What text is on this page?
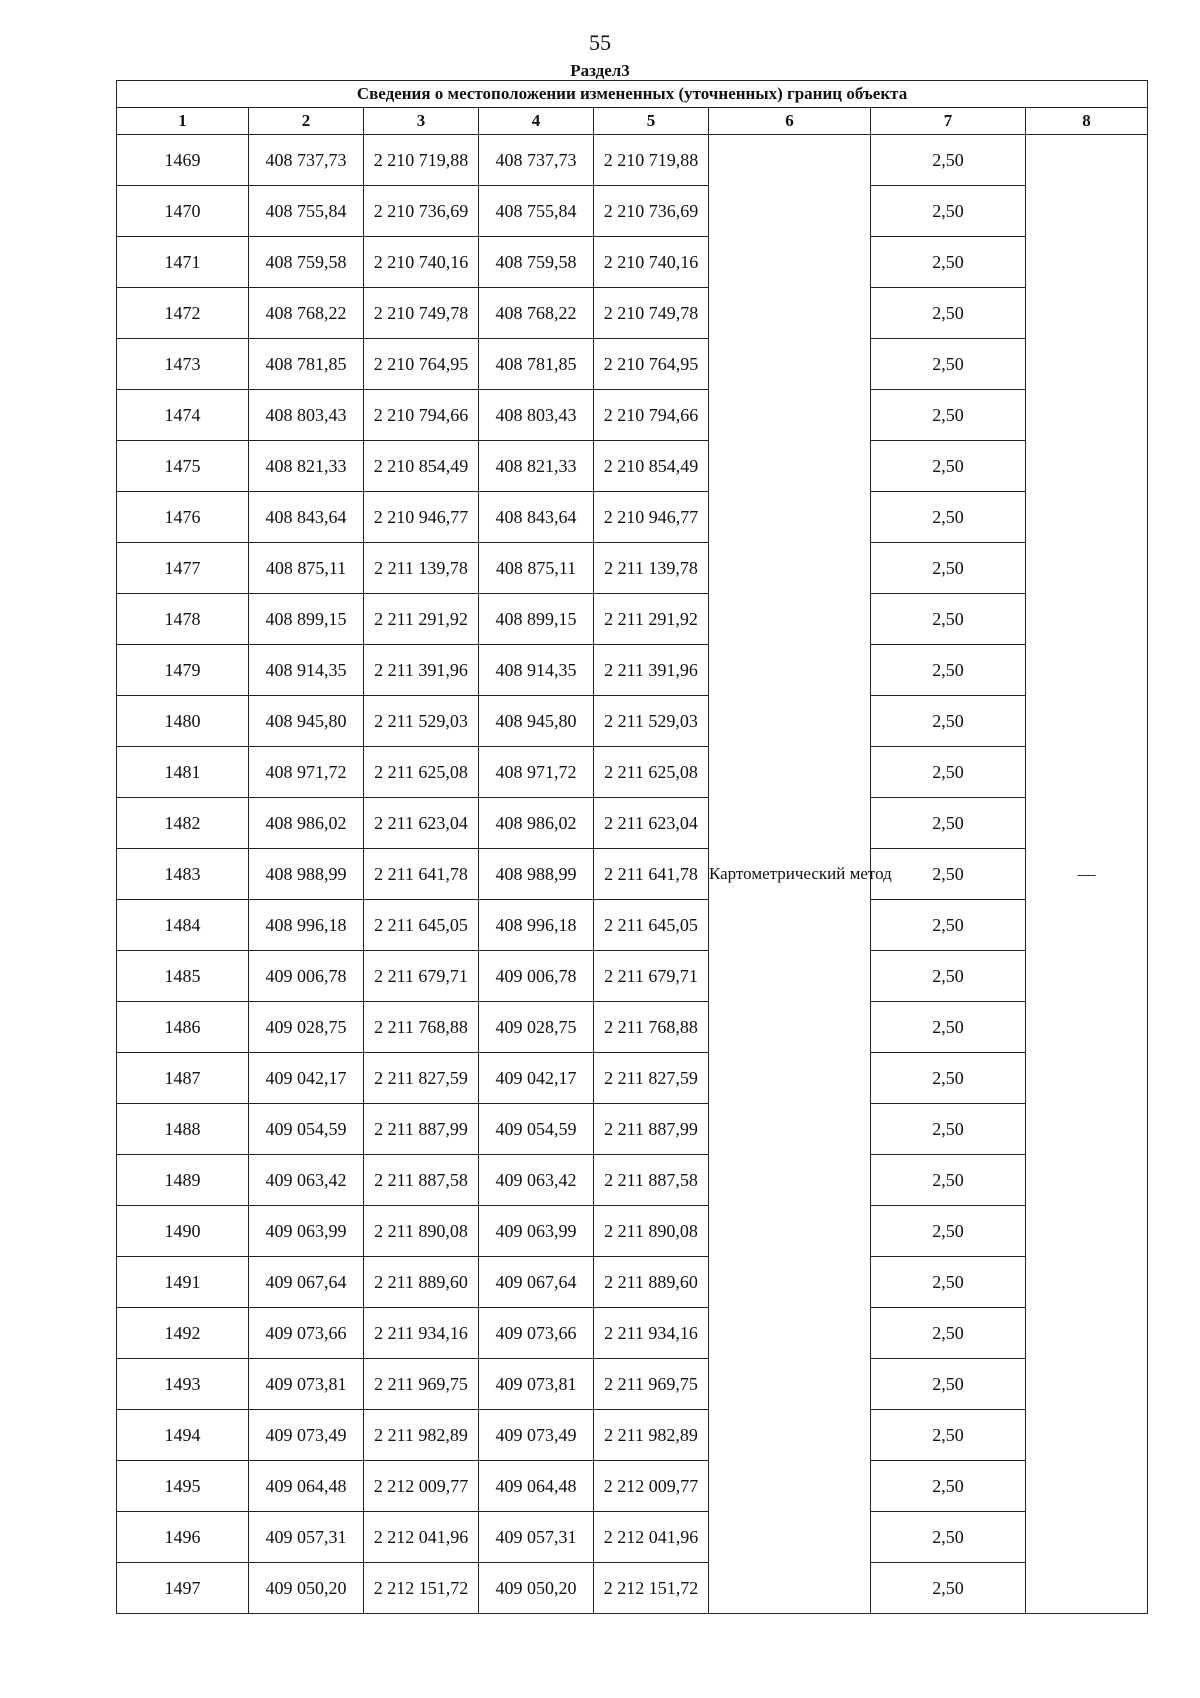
55
Раздел3
Сведения о местоположении измененных (уточненных) границ объекта							
1	2	3	4	5	6	7	8
1469	408 737,73	2 210 719,88	408 737,73	2 210 719,88	Картометрический метод	2,50	—
1470	408 755,84	2 210 736,69	408 755,84	2 210 736,69		2,50	
1471	408 759,58	2 210 740,16	408 759,58	2 210 740,16		2,50	
1472	408 768,22	2 210 749,78	408 768,22	2 210 749,78		2,50	
1473	408 781,85	2 210 764,95	408 781,85	2 210 764,95		2,50	
1474	408 803,43	2 210 794,66	408 803,43	2 210 794,66		2,50	
1475	408 821,33	2 210 854,49	408 821,33	2 210 854,49		2,50	
1476	408 843,64	2 210 946,77	408 843,64	2 210 946,77		2,50	
1477	408 875,11	2 211 139,78	408 875,11	2 211 139,78		2,50	
1478	408 899,15	2 211 291,92	408 899,15	2 211 291,92		2,50	
1479	408 914,35	2 211 391,96	408 914,35	2 211 391,96		2,50	
1480	408 945,80	2 211 529,03	408 945,80	2 211 529,03		2,50	
1481	408 971,72	2 211 625,08	408 971,72	2 211 625,08		2,50	
1482	408 986,02	2 211 623,04	408 986,02	2 211 623,04		2,50	
1483	408 988,99	2 211 641,78	408 988,99	2 211 641,78		2,50	
1484	408 996,18	2 211 645,05	408 996,18	2 211 645,05		2,50	
1485	409 006,78	2 211 679,71	409 006,78	2 211 679,71		2,50	
1486	409 028,75	2 211 768,88	409 028,75	2 211 768,88		2,50	
1487	409 042,17	2 211 827,59	409 042,17	2 211 827,59		2,50	
1488	409 054,59	2 211 887,99	409 054,59	2 211 887,99		2,50	
1489	409 063,42	2 211 887,58	409 063,42	2 211 887,58		2,50	
1490	409 063,99	2 211 890,08	409 063,99	2 211 890,08		2,50	
1491	409 067,64	2 211 889,60	409 067,64	2 211 889,60		2,50	
1492	409 073,66	2 211 934,16	409 073,66	2 211 934,16		2,50	
1493	409 073,81	2 211 969,75	409 073,81	2 211 969,75		2,50	
1494	409 073,49	2 211 982,89	409 073,49	2 211 982,89		2,50	
1495	409 064,48	2 212 009,77	409 064,48	2 212 009,77		2,50	
1496	409 057,31	2 212 041,96	409 057,31	2 212 041,96		2,50	
1497	409 050,20	2 212 151,72	409 050,20	2 212 151,72		2,50	
